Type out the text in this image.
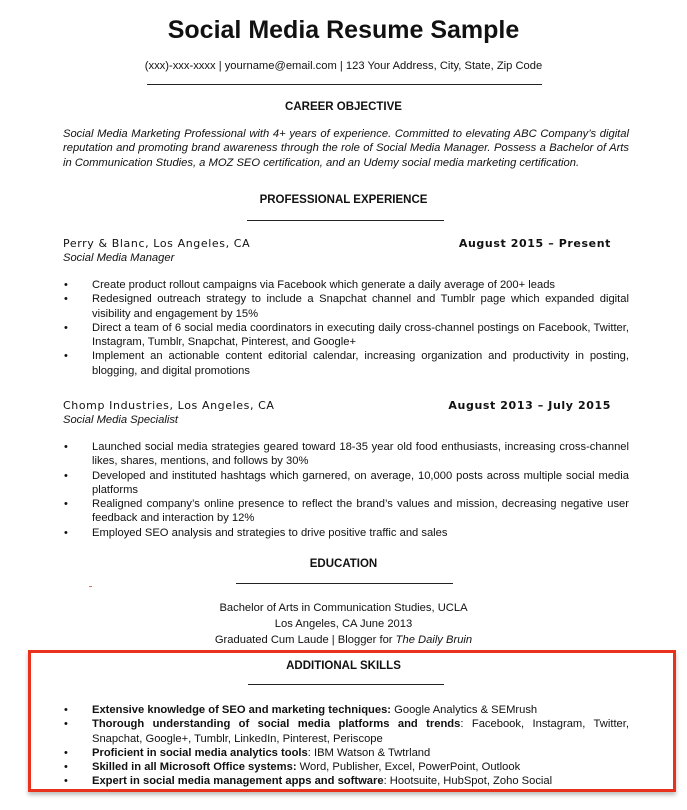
Social Media Resume Sample
(xxx)-xxx-xxxx | yourname@email.com | 123 Your Address, City, State, Zip Code
CAREER OBJECTIVE
Social Media Marketing Professional with 4+ years of experience. Committed to elevating ABC Company’s digital reputation and promoting brand awareness through the role of Social Media Manager. Possess a Bachelor of Arts in Communication Studies, a MOZ SEO certification, and an Udemy social media marketing certification.
PROFESSIONAL EXPERIENCE
Perry & Blanc, Los Angeles, CA	August 2015 – Present
Social Media Manager
• Create product rollout campaigns via Facebook which generate a daily average of 200+ leads
• Redesigned outreach strategy to include a Snapchat channel and Tumblr page which expanded digital visibility and engagement by 15%
• Direct a team of 6 social media coordinators in executing daily cross-channel postings on Facebook, Twitter, Instagram, Tumblr, Snapchat, Pinterest, and Google+
• Implement an actionable content editorial calendar, increasing organization and productivity in posting, blogging, and digital promotions
Chomp Industries, Los Angeles, CA	August 2013 – July 2015
Social Media Specialist
• Launched social media strategies geared toward 18-35 year old food enthusiasts, increasing cross-channel likes, shares, mentions, and follows by 30%
• Developed and instituted hashtags which garnered, on average, 10,000 posts across multiple social media platforms
• Realigned company’s online presence to reflect the brand’s values and mission, decreasing negative user feedback and interaction by 12%
• Employed SEO analysis and strategies to drive positive traffic and sales
EDUCATION
Bachelor of Arts in Communication Studies, UCLA
Los Angeles, CA June 2013
Graduated Cum Laude | Blogger for The Daily Bruin
ADDITIONAL SKILLS
• Extensive knowledge of SEO and marketing techniques: Google Analytics & SEMrush
• Thorough understanding of social media platforms and trends: Facebook, Instagram, Twitter, Snapchat, Google+, Tumblr, LinkedIn, Pinterest, Periscope
• Proficient in social media analytics tools: IBM Watson & Twtrland
• Skilled in all Microsoft Office systems: Word, Publisher, Excel, PowerPoint, Outlook
• Expert in social media management apps and software: Hootsuite, HubSpot, Zoho Social
